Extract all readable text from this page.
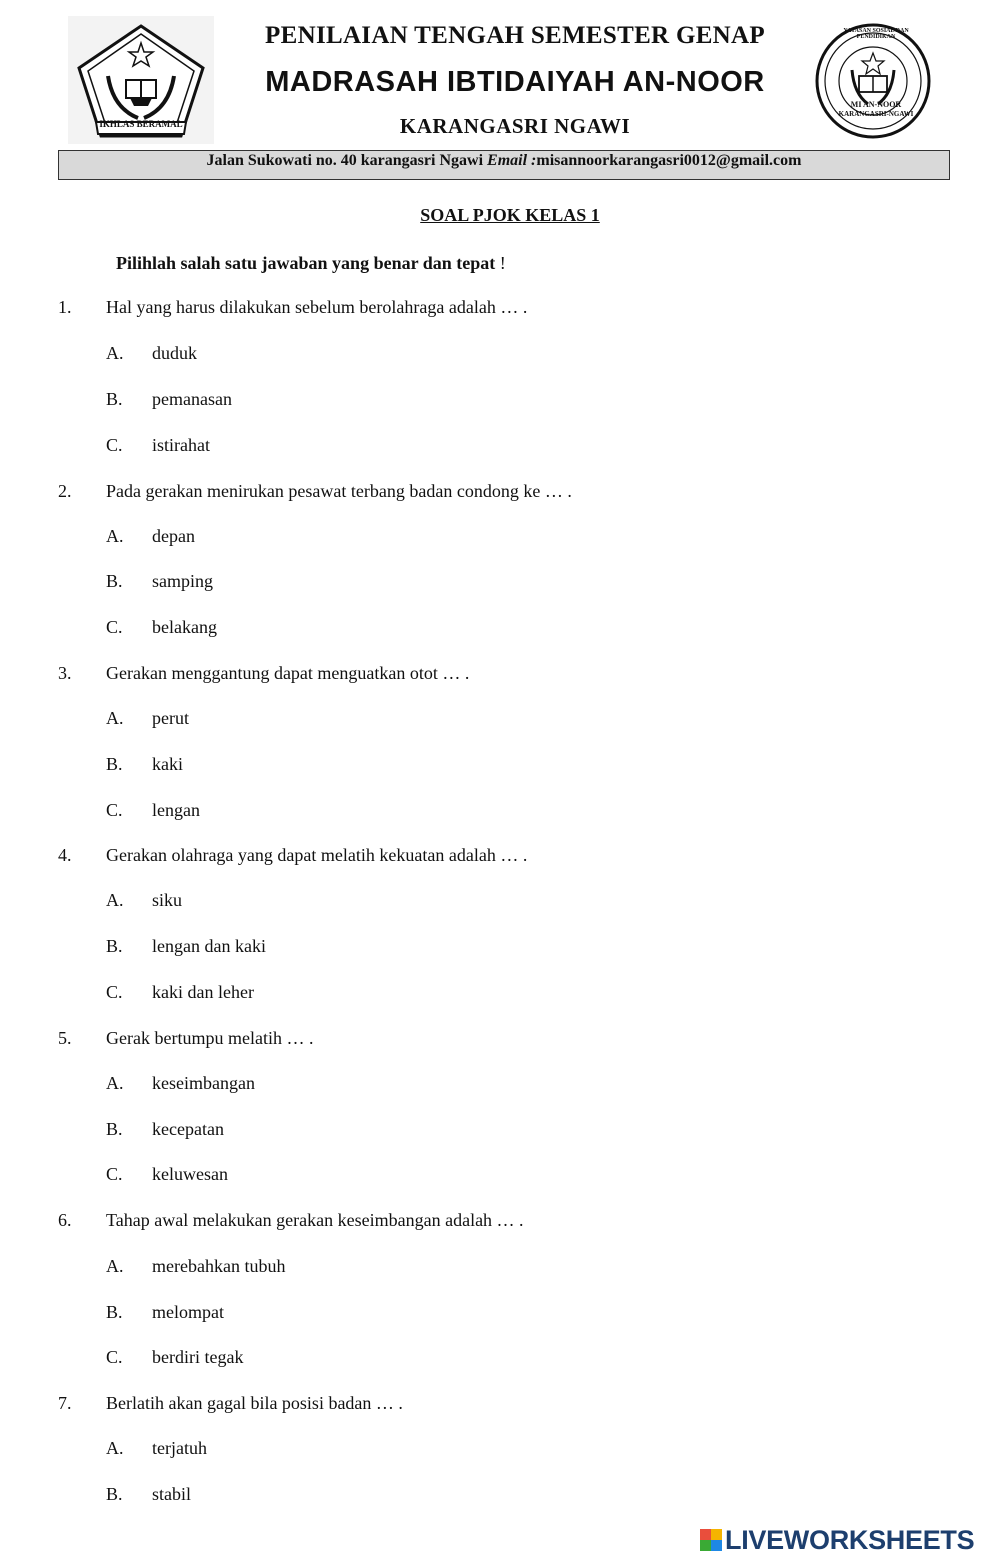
IKHLAS BERAMAL
YAYASAN SOSIAL DAN PENDIDIKAN
MI AN-NOOR
KARANGASRI-NGAWI
PENILAIAN TENGAH SEMESTER GENAP
MADRASAH IBTIDAIYAH AN-NOOR
KARANGASRI NGAWI
Jalan Sukowati no. 40 karangasri Ngawi Email :misannoorkarangasri0012@gmail.com
SOAL PJOK KELAS 1
Pilihlah salah satu jawaban yang benar dan tepat !
1. Hal yang harus dilakukan sebelum berolahraga adalah … .
A. duduk
B. pemanasan
C. istirahat
2. Pada gerakan menirukan pesawat terbang badan condong ke … .
A. depan
B. samping
C. belakang
3. Gerakan menggantung dapat menguatkan otot … .
A. perut
B. kaki
C. lengan
4. Gerakan olahraga yang dapat melatih kekuatan adalah … .
A. siku
B. lengan dan kaki
C. kaki dan leher
5. Gerak bertumpu melatih … .
A. keseimbangan
B. kecepatan
C. keluwesan
6. Tahap awal melakukan gerakan keseimbangan adalah … .
A. merebahkan tubuh
B. melompat
C. berdiri tegak
7. Berlatih akan gagal bila posisi badan … .
A. terjatuh
B. stabil
LIVEWORKSHEETS
